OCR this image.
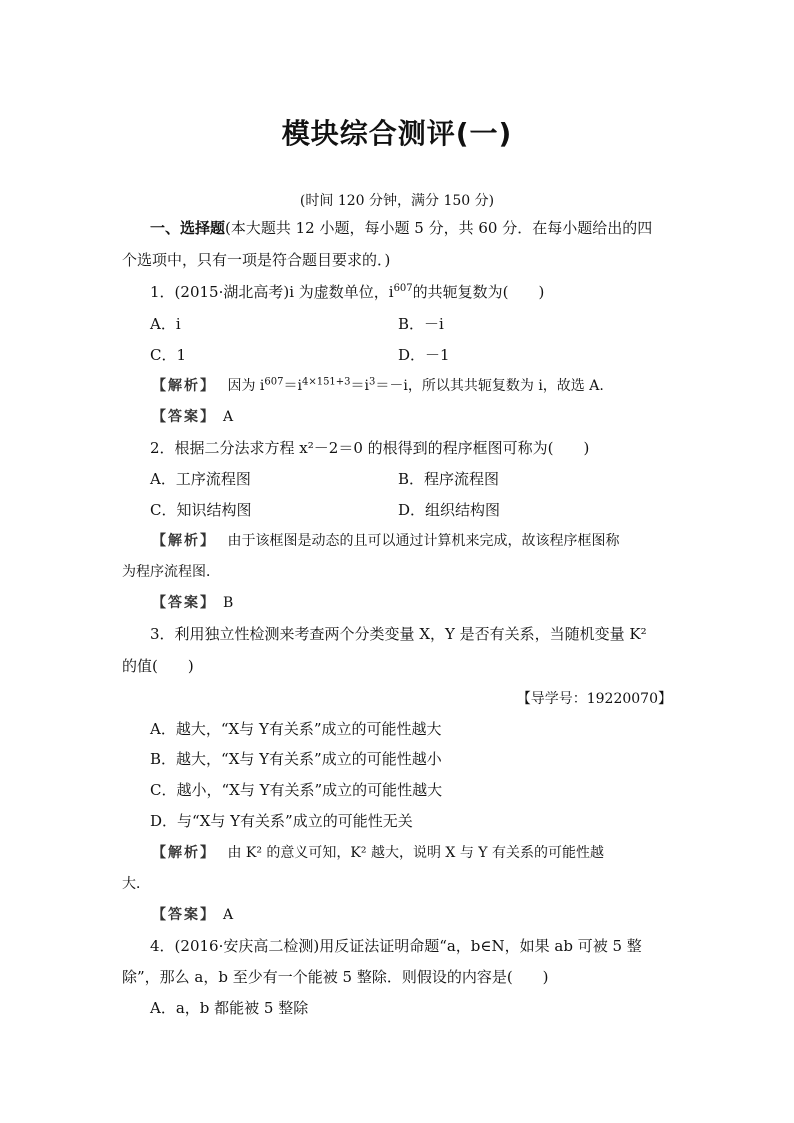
模块综合测评(一)
(时间 120 分钟，满分 150 分)
一、选择题(本大题共 12 小题，每小题 5 分，共 60 分．在每小题给出的四
个选项中，只有一项是符合题目要求的．)
1．(2015·湖北高考)i 为虚数单位，$i^{607}$的共轭复数为(　　)
A．i	B．－i
C．1	D．－1
【解析】　 因为 $i^{607}=i^{4\times 151+3}=i^3=-i$，所以其共轭复数为 i，故选 A.
【答案】　 A
2．根据二分法求方程 x²－2＝0 的根得到的程序框图可称为(　　)
A．工序流程图	B．程序流程图
C．知识结构图	D．组织结构图
【解析】　 由于该框图是动态的且可以通过计算机来完成，故该程序框图称
为程序流程图．
【答案】　 B
3．利用独立性检测来考查两个分类变量 X，Y 是否有关系，当随机变量 K²
的值(　　)
【导学号：19220070】
A．越大，“X与 Y有关系”成立的可能性越大
B．越大，“X与 Y有关系”成立的可能性越小
C．越小，“X与 Y有关系”成立的可能性越大
D．与“X与 Y有关系”成立的可能性无关
【解析】　 由 K² 的意义可知，K² 越大，说明 X 与 Y 有关系的可能性越
大．
【答案】　 A
4．(2016·安庆高二检测)用反证法证明命题“a，b∈N，如果 ab 可被 5 整
除”，那么 a，b 至少有一个能被 5 整除．则假设的内容是(　　)
A．a，b 都能被 5 整除
